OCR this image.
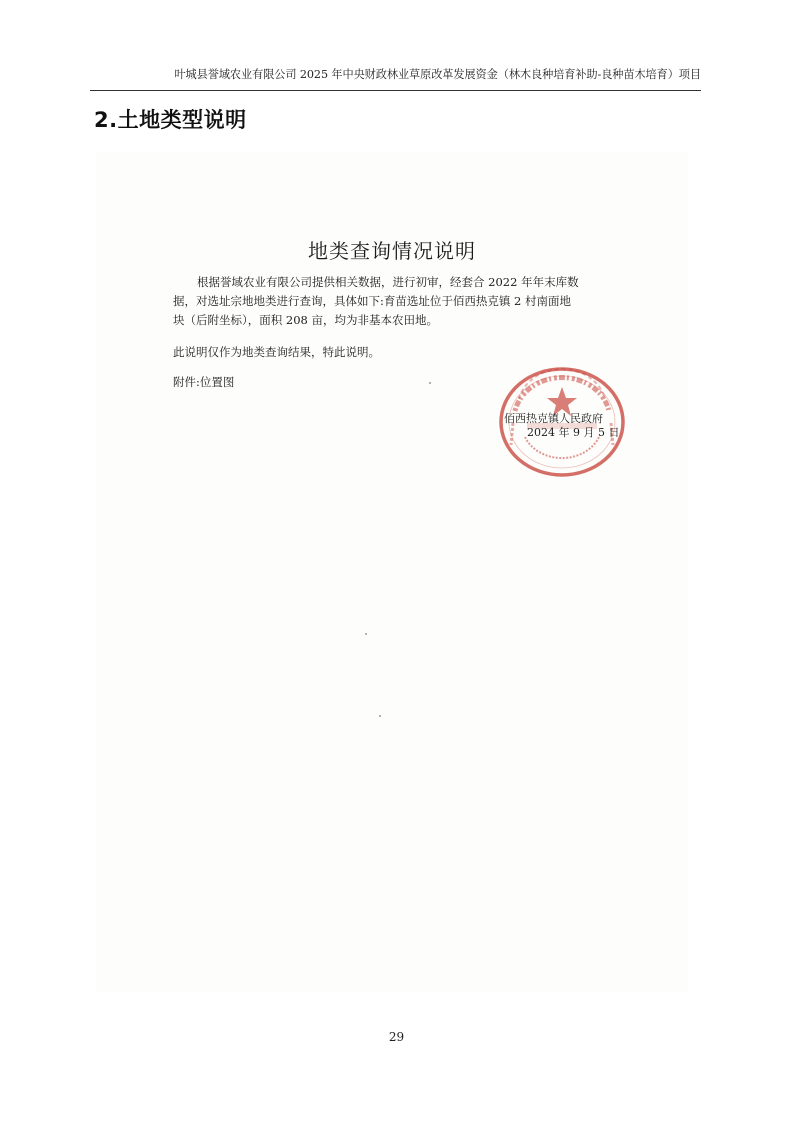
叶城县誉域农业有限公司 2025 年中央财政林业草原改革发展资金（林木良种培育补助-良种苗木培育）项目
2.土地类型说明
地类查询情况说明
根据誉域农业有限公司提供相关数据，进行初审，经套合 2022 年年末库数
据，对选址宗地地类进行查询，具体如下:育苗选址位于佰西热克镇 2 村南面地
块（后附坐标），面积 208 亩，均为非基本农田地。
此说明仅作为地类查询结果，特此说明。
附件:位置图
佰西热克镇人民政府
2024 年 9 月 5 日
29
